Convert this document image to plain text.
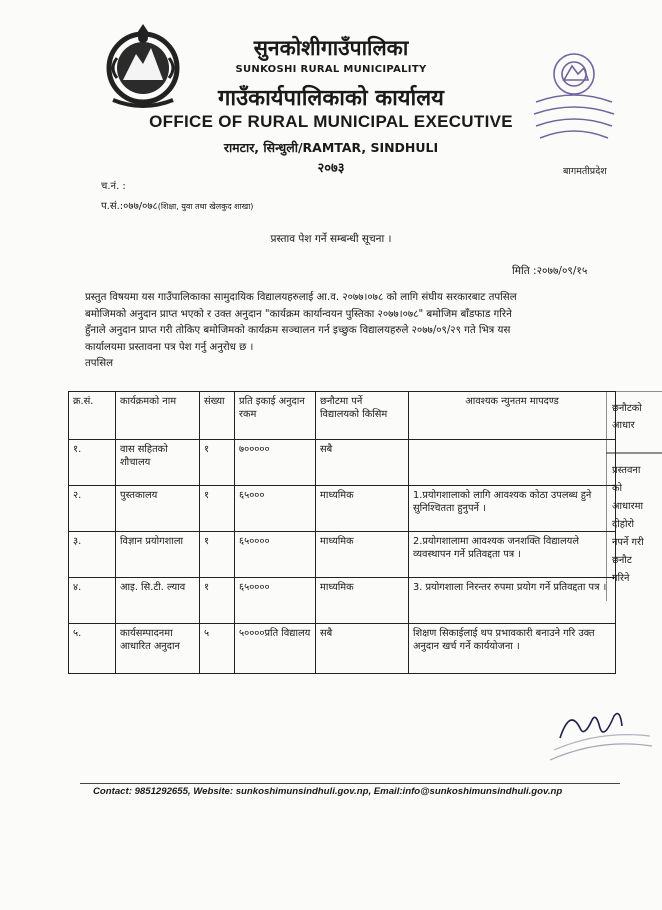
सुनकोशीगाउँपालिका
SUNKOSHI RURAL MUNICIPALITY
गाउँकार्यपालिकाको कार्यालय
OFFICE OF RURAL MUNICIPAL EXECUTIVE
रामटार, सिन्धुली/RAMTAR, SINDHULI
२०७३	बागमतीप्रदेश
च.नं. :
प.सं.:०७७/०७८(शिक्षा, युवा तथा खेलकुद शाखा)
प्रस्ताव पेश गर्ने सम्बन्धी सूचना ।
मिति :२०७७/०९/१५
प्रस्तुत विषयमा यस गाउँपालिकाका सामुदायिक विद्यालयहरुलाई आ.व. २०७७।०७८ को लागि संघीय सरकारबाट तपसिल
बमोजिमको अनुदान प्राप्त भएको र उक्त अनुदान "कार्यक्रम कार्यान्वयन पुस्तिका २०७७।०७८" बमोजिम बाँडफाड गरिने
हुँनाले अनुदान प्राप्त गरी तोकिए बमोजिमको कार्यक्रम सञ्चालन गर्न इच्छुक विद्यालयहरुले २०७७/०९/२९ गते भित्र यस
कार्यालयमा प्रस्तावना पत्र पेश गर्नु अनुरोध छ ।
तपसिल
क्र.सं.	कार्यक्रमको नाम	संख्या	प्रति इकाई अनुदान रकम	छनौटमा पर्ने विद्यालयको किसिम	आवश्यक न्युनतम मापदण्ड
१.	वास सहितको शौचालय	१	७०००००	सबै	
२.	पुस्तकालय	१	६५०००	माध्यमिक	1.प्रयोगशालाको लागि आवश्यक कोठा उपलब्ध हुने सुनिश्चितता हुनुपर्ने ।
३.	विज्ञान प्रयोगशाला	१	६५००००	माध्यमिक	2.प्रयोगशालामा आवश्यक जनशक्ति विद्यालयले व्यवस्थापन गर्ने प्रतिवद्दता पत्र ।
४.	आइ. सि.टी. ल्याव	१	६५००००	माध्यमिक	3. प्रयोगशाला निरन्तर रुपमा प्रयोग गर्ने प्रतिवद्दता पत्र ।
५.	कार्यसम्पादनमा आधारित अनुदान	५	५००००प्रति विद्यालय	सबै	शिक्षण सिकाईलाई थप प्रभावकारी बनाउने गरि उक्त अनुदान खर्च गर्ने कार्ययोजना ।
छनौटको
आधार
प्रस्तवना
को
आधारमा
दोहोरो
नपर्ने गरी
छनौट
गरिने
Contact: 9851292655, Website: sunkoshimunsindhuli.gov.np, Email:info@sunkoshimunsindhuli.gov.np
